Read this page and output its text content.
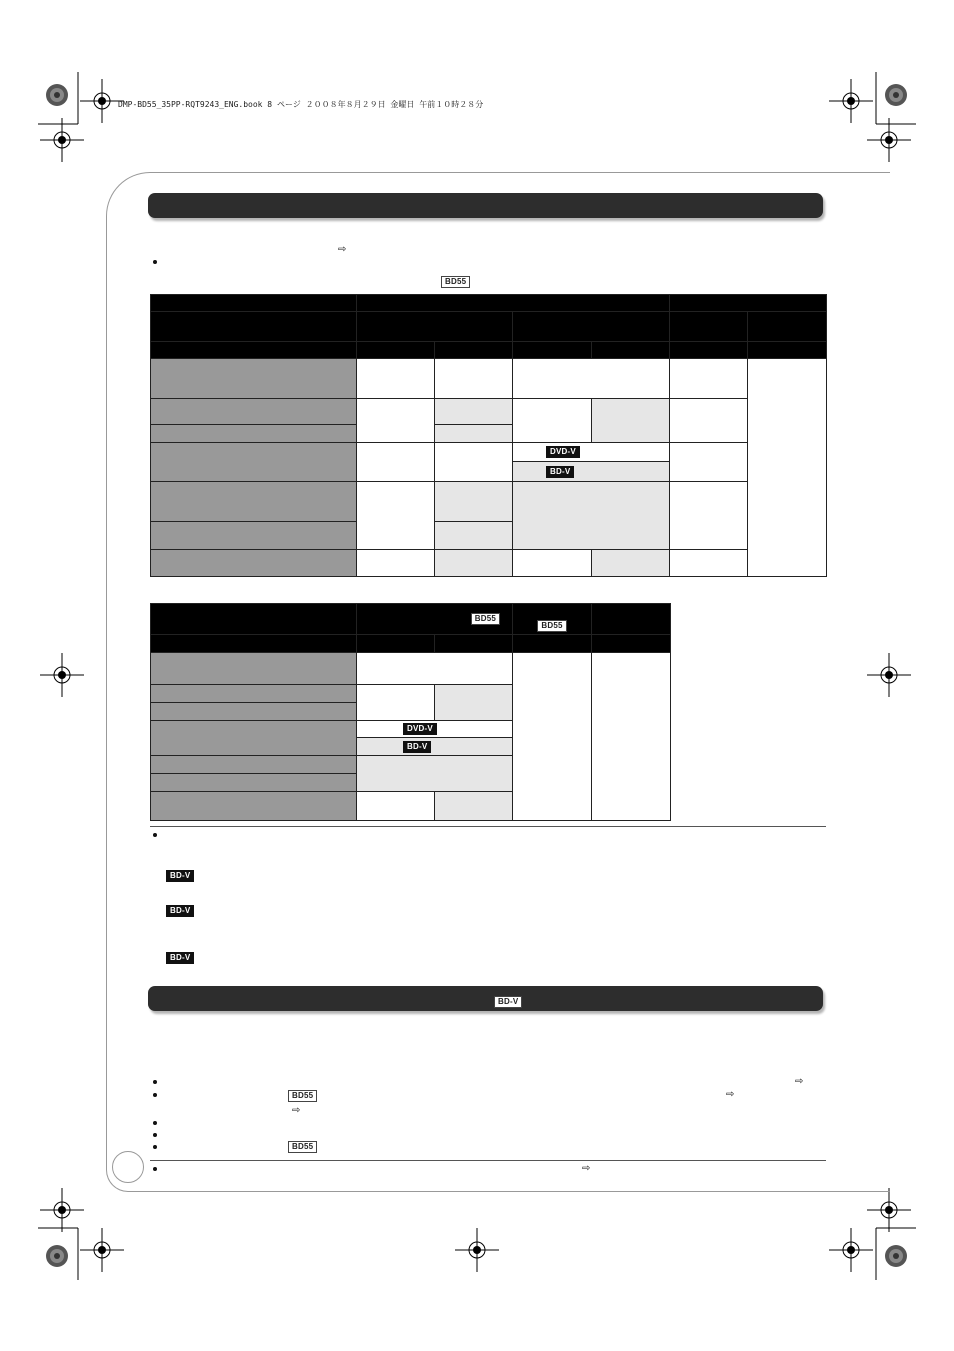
DMP-BD55_35PP-RQT9243_ENG.book 8 ページ ２００８年８月２９日 金曜日 午前１０時２８分
⇨
BD55

			DVD-V			
			BD-V			

	BD55		BD55	

	DVD-V			
	BD-V			

BD-V
BD-V
BD-V
BD-V
⇨
BD55	⇨
⇨
BD55
⇨
